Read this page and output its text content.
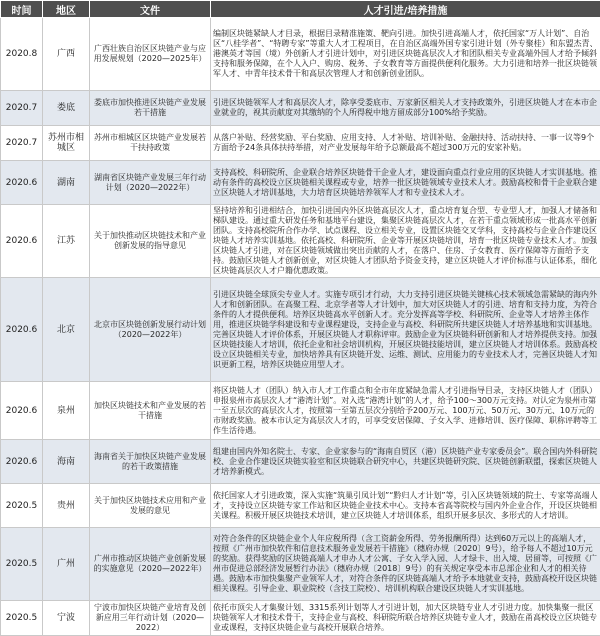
时间	地区	文件	人才引进/培养措施
2020.8	广西	广西壮族自治区区块链产业与应用发展规划（2020—2025年）	编制区块链紧缺人才目录，根据目录精准施策、靶向引进。加快引进高端人才，依托国家“万人计划”、自治区“八桂学者”、“特聘专家”等重大人才工程项目，在自治区高端外国专家引进计划（外专聚桂）和东盟杰青、港澳英才等国（境）外创新人才引进计划中，对引进区块链高层次人才和团队相关专业高端外国人才给予倾斜支持和服务保障，在个人入户、购房、税务、子女教育等方面提供便利化服务。大力引进和培养一批区块链领军人才、中青年技术骨干和高层次管理人才和创新创业团队。
2020.7	娄底	娄底市加快推进区块链产业发展若干措施	引进区块链领军人才和高层次人才，除享受娄底市、万家新区相关人才支持政策外，引进区块链人才在本市企业就业的，视其贡献度对其缴纳的个人所得税中地方留成部分100%给予奖励。
2020.7	苏州市相城区	苏州市相城区区块链产业发展若干扶持政策	从落户补贴、经营奖励、平台奖励、应用支持、人才补贴、培训补贴、金融扶持、活动扶持、一事一议等9个方面给予24条具体扶持举措，对产业发展每年给予总额最高不超过300万元的安家补贴。
2020.6	湖南	湖南省区块链产业发展三年行动计划（2020—2022年）	支持高校、科研院所、企业联合培养区块链骨干企业人才，建设面向重点行业应用的区块链人才实训基地。推动有条件的高校设立区块链相关课程或专业，培养一批区块链领域专业技术人才。鼓励高校和骨干企业联合建立区块链人才培训基地，大力培育区块链培养领军人才和专业技术人才。
2020.6	江苏	关于加快推动区块链技术和产业创新发展的指导意见	坚持培养和引进相结合，加快引进国内外区块链高层次人才，重点培育复合型、专业型人才，加强人才储备和梯队建设。通过重大研发任务和基地平台建设，集聚区块链高层次人才，在若干重点领域形成一批高水平创新团队。支持高校院所合作办学、试点课程、设立相关专业，设置区块链交叉学科，支持高校与企业合作建设区块链人才培养实训基地。依托高校、科研院所、企业等开展区块链培训，培育一批区块链专业技术人才。加强区块链人才引进，对在区块链领域做出突出贡献的人才，在落户、住房、子女教育、医疗保障等方面给予支持。鼓励区块链人才创新创业，对区块链人才团队给予资金支持，建立区块链人才评价标准与认证体系，细化区块链高层次人才户籍优惠政策。
2020.6	北京	北京市区块链创新发展行动计划（2020—2022年）	引进区块链全球顶尖专业人才。实施专项引才行动，大力支持引进区块链关键核心技术领域急需紧缺的海内外人才和创新团队。在高聚工程、北京学者等人才计划中，加大对区块链人才的引进、培育和支持力度，为符合条件的人才提供便利。培养区块链高水平创新人才。充分发挥高等学校、科研院所、企业等人才培养主体作用，推进区块链学科建设和专业课程建设，支持企业与高校、科研院所共建区块链人才培养基地和实训基地。完善区块链人才评价体系，开展区块链人才职称评审。鼓励企业为区块链科研创新和人才培养提供支持。加强区块链技能人才培训，依托企业和社会培训机构，开展区块链技能培训，建立区块链人才培训体系。鼓励高校设立区块链相关专业，加快培养具有区块链开发、运维、测试、应用能力的专业技术人才，完善区块链人才知识更新工程，培养区块链应用型人才。
2020.6	泉州	加快区块链技术和产业发展的若干措施	将区块链人才（团队）纳入市人才工作重点和全市年度紧缺急需人才引进指导目录，支持区块链人才（团队）申报泉州市高层次人才“港湾计划”。对入选“港湾计划”的人才，给予100～300万元支持。对认定为泉州市第一至五层次的高层次人才，按照第一至第五层次分别给予200万元、100万元、50万元、30万元、10万元的市财政奖励。被本市认定为高层次人才的，可享受安居保障、子女入学、进修培训、医疗保障、职称评聘等工作生活待遇。
2020.6	海南	海南省关于加快区块链产业发展的若干政策措施	组建由国内外知名院士、专家、企业家参与的“海南自贸区（港）区块链产业专家委员会”。联合国内外科研院校、企业合作建设区块链实验室和区块链联合研究中心，共建区块链研究院、区块链创新联盟，探索区块链人才培养新模式。
2020.5	贵州	关于加快区块链技术应用和产业发展的意见	依托国家人才引进政策，深入实施“筑巢引凤计划”“黔归人才计划”等，引入区块链领域的院士、专家等高端人才，支持设立区块链专家工作站和区块链企业技术中心。支持本省高等院校与国内外企业合作，开设区块链相关课程。积极开展区块链技术培训，建立区块链人才培训体系，组织开展多层次、多形式的人才培训。
2020.5	广州	广州市推动区块链产业创新发展的实施意见（2020—2022年）	对符合条件的区块链企业个人年应税所得（含工资薪金所得、劳务报酬所得）达到60万元以上的高端人才，按照《广州市加快软件和信息技术服务业发展若干措施》（穗府办规〔2020〕9号），给予每人不超过10万元的奖励。获得奖励的区块链高端人才申办人才公寓、子女入学入园、人才绿卡、出入境、居留等，可按照《广州市促进总部经济发展暂行办法》（穗府办规〔2018〕9号）的有关规定享受本市总部企业和人才的相关待遇。鼓励本市加快集聚产业领军人才，对符合条件的区块链高端人才给予本地就业支持，鼓励高校开设区块链相关课程。引导企业、职业院校（含技工院校）、培训机构联合建设区块链人才实训基地。
2020.5	宁波	宁波市加快区块链产业培育及创新应用三年行动计划（2020—2022）	依托市顶尖人才集聚计划、3315系列计划等人才引进计划，加大区块链专业人才引进力度。加快集聚一批区块链领军人才和技术骨干，支持企业与高校、科研院所联合培养区块链专业人才，鼓励在甬高校设立区块链专业或课程，支持区块链企业与高校开展联合培养。
